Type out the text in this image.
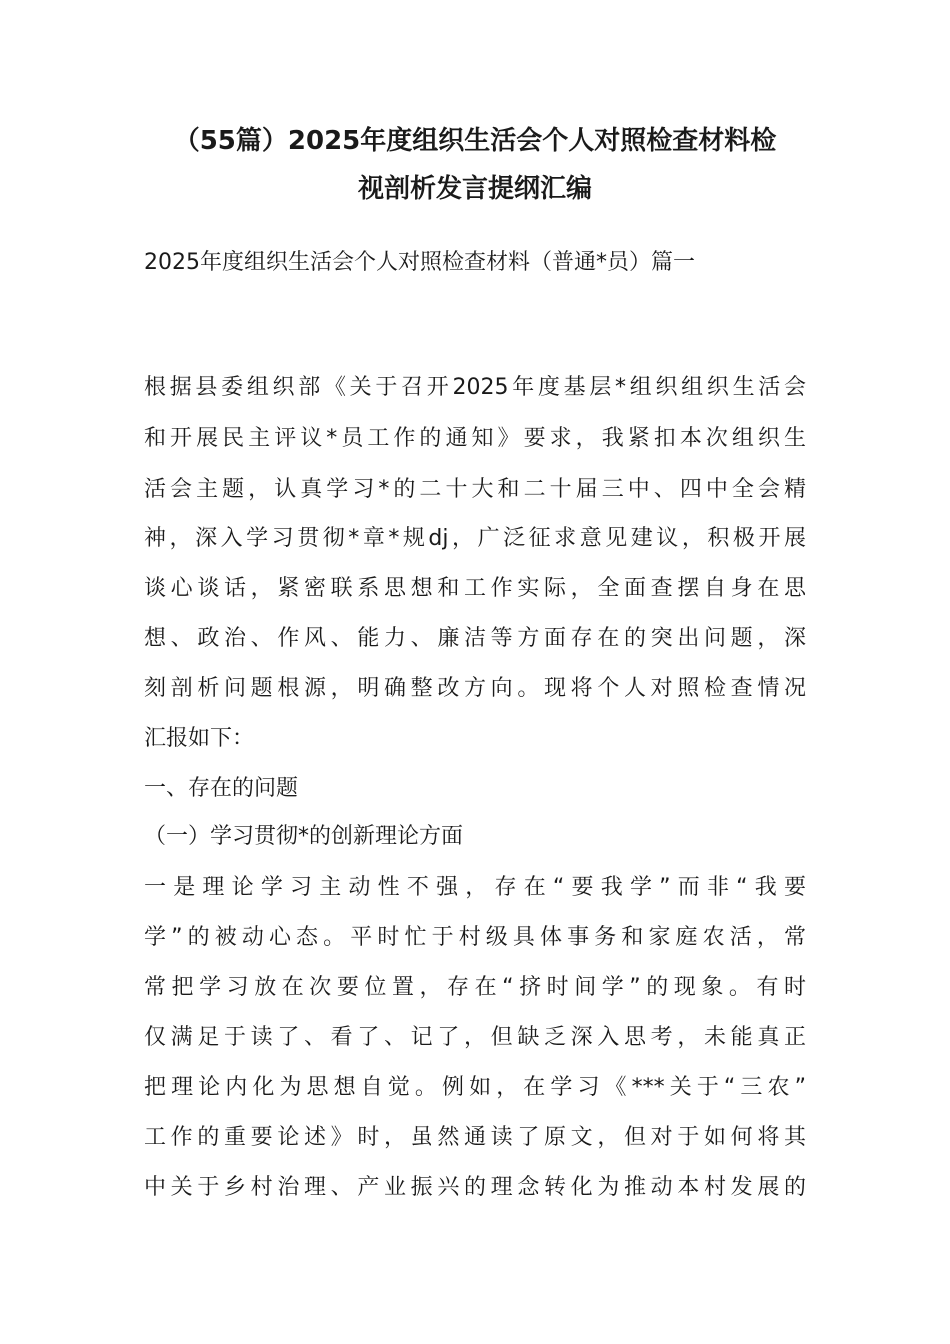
（55篇）2025年度组织生活会个人对照检查材料检
视剖析发言提纲汇编
2025年度组织生活会个人对照检查材料（普通*员）篇一
根据县委组织部《关于召开2025年度基层*组织组织生活会
和开展民主评议*员工作的通知》要求，我紧扣本次组织生
活会主题，认真学习*的二十大和二十届三中、四中全会精
神，深入学习贯彻*章*规dj，广泛征求意见建议，积极开展
谈心谈话，紧密联系思想和工作实际，全面查摆自身在思
想、政治、作风、能力、廉洁等方面存在的突出问题，深
刻剖析问题根源，明确整改方向。现将个人对照检查情况
汇报如下：
一、存在的问题
（一）学习贯彻*的创新理论方面
一是理论学习主动性不强，存在“要我学”而非“我要
学”的被动心态。平时忙于村级具体事务和家庭农活，常
常把学习放在次要位置，存在“挤时间学”的现象。有时
仅满足于读了、看了、记了，但缺乏深入思考，未能真正
把理论内化为思想自觉。例如，在学习《***关于“三农”
工作的重要论述》时，虽然通读了原文，但对于如何将其
中关于乡村治理、产业振兴的理念转化为推动本村发展的
